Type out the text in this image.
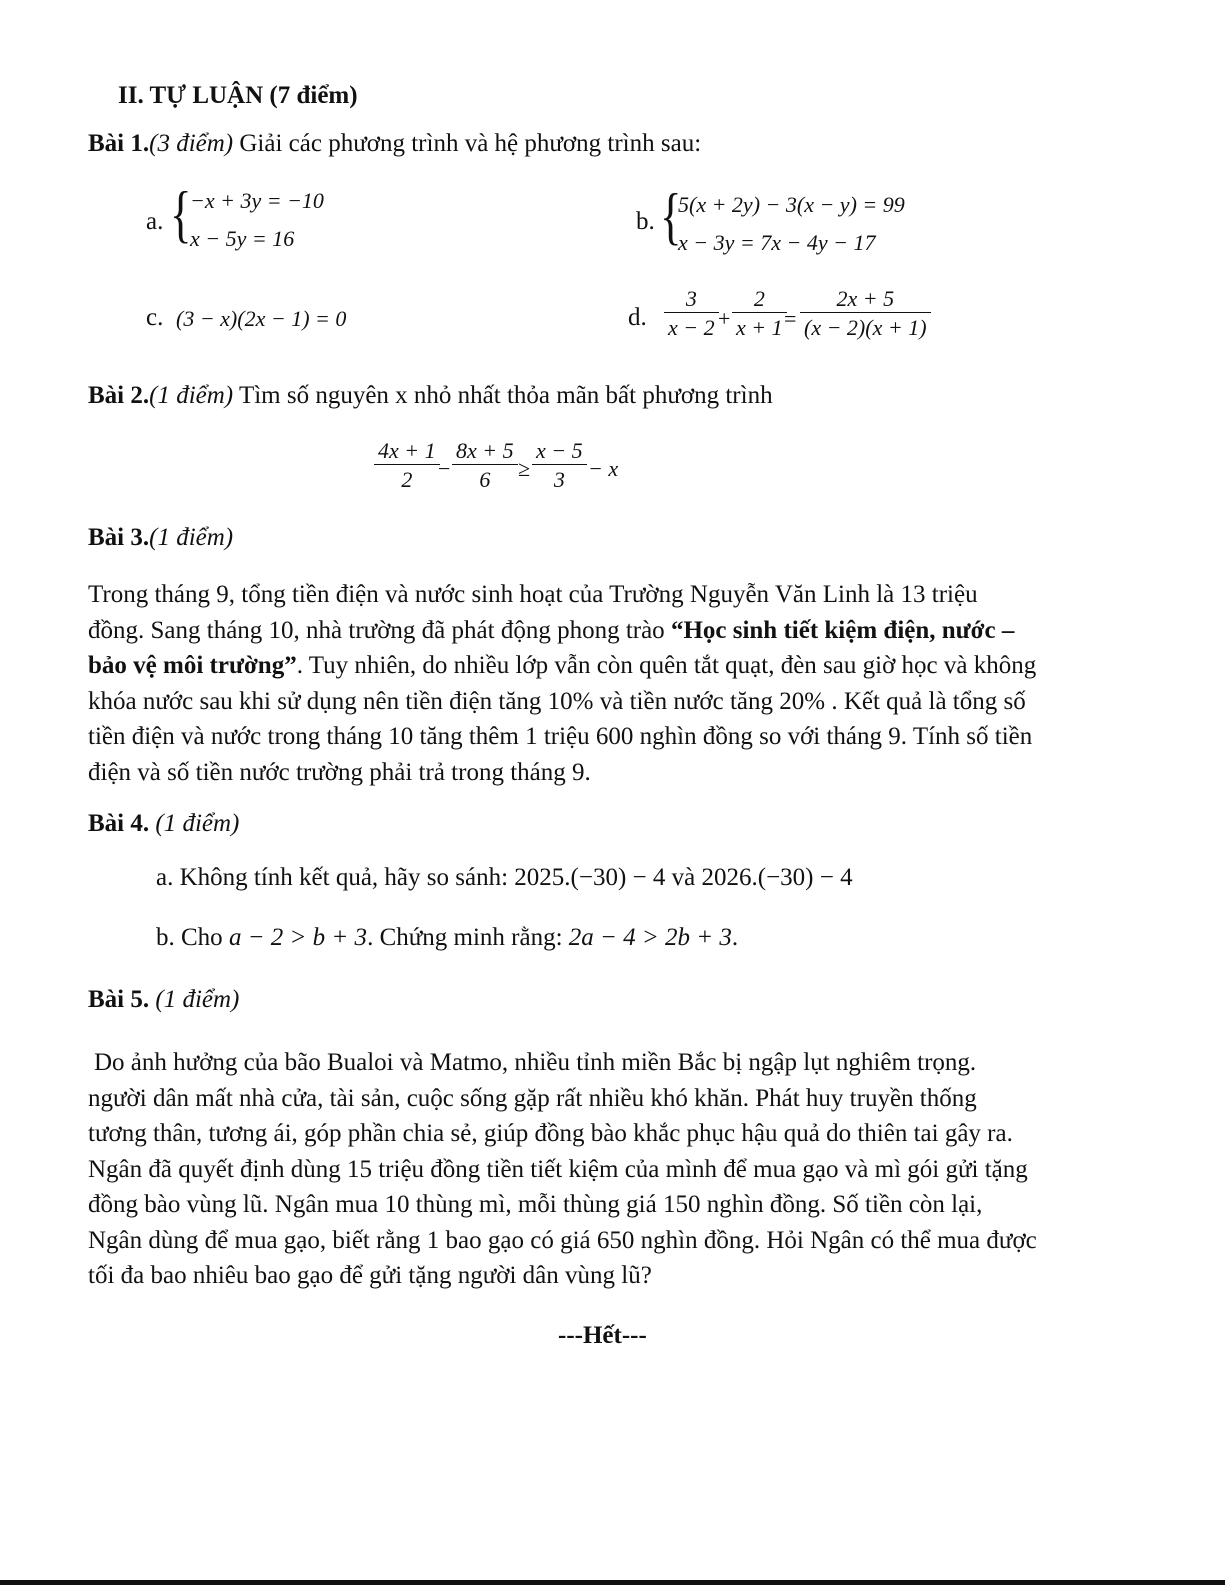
II. TỰ LUẬN (7 điểm)
Bài 1.(3 điểm) Giải các phương trình và hệ phương trình sau:
a. {
−x + 3y = −10
x − 5y = 16
b. {
5(x + 2y) − 3(x − y) = 99
x − 3y = 7x − 4y − 17
c. (3 − x)(2x − 1) = 0	d. $\frac{3}{x - 2} + \frac{2}{x + 1}$
= $\frac{2x + 5}{(x - 2)(x + 1)}$
Bài 2.(1 điểm) Tìm số nguyên x nhỏ nhất thỏa mãn bất phương trình
$\frac{4x + 1}{2}$
− $\frac{8x + 5}{6} \ge \frac{x - 5}{3} - x$
Bài 3.(1 điểm)
Trong tháng 9, tổng tiền điện và nước sinh hoạt của Trường Nguyễn Văn Linh là 13 triệu
đồng. Sang tháng 10, nhà trường đã phát động phong trào “Học sinh tiết kiệm điện, nước –
bảo vệ môi trường”. Tuy nhiên, do nhiều lớp vẫn còn quên tắt quạt, đèn sau giờ học và không
khóa nước sau khi sử dụng nên tiền điện tăng 10% và tiền nước tăng 20% . Kết quả là tổng số
tiền điện và nước trong tháng 10 tăng thêm 1 triệu 600 nghìn đồng so với tháng 9. Tính số tiền
điện và số tiền nước trường phải trả trong tháng 9.
Bài 4. (1 điểm)
a. Không tính kết quả, hãy so sánh: 2025.(−30) − 4 và 2026.(−30) − 4
b. Cho a − 2 > b + 3. Chứng minh rằng: 2a − 4 > 2b + 3.
Bài 5. (1 điểm)
Do ảnh hưởng của bão Bualoi và Matmo, nhiều tỉnh miền Bắc bị ngập lụt nghiêm trọng.
người dân mất nhà cửa, tài sản, cuộc sống gặp rất nhiều khó khăn. Phát huy truyền thống
tương thân, tương ái, góp phần chia sẻ, giúp đồng bào khắc phục hậu quả do thiên tai gây ra.
Ngân đã quyết định dùng 15 triệu đồng tiền tiết kiệm của mình để mua gạo và mì gói gửi tặng
đồng bào vùng lũ. Ngân mua 10 thùng mì, mỗi thùng giá 150 nghìn đồng. Số tiền còn lại,
Ngân dùng để mua gạo, biết rằng 1 bao gạo có giá 650 nghìn đồng. Hỏi Ngân có thể mua được
tối đa bao nhiêu bao gạo để gửi tặng người dân vùng lũ?
---Hết---
